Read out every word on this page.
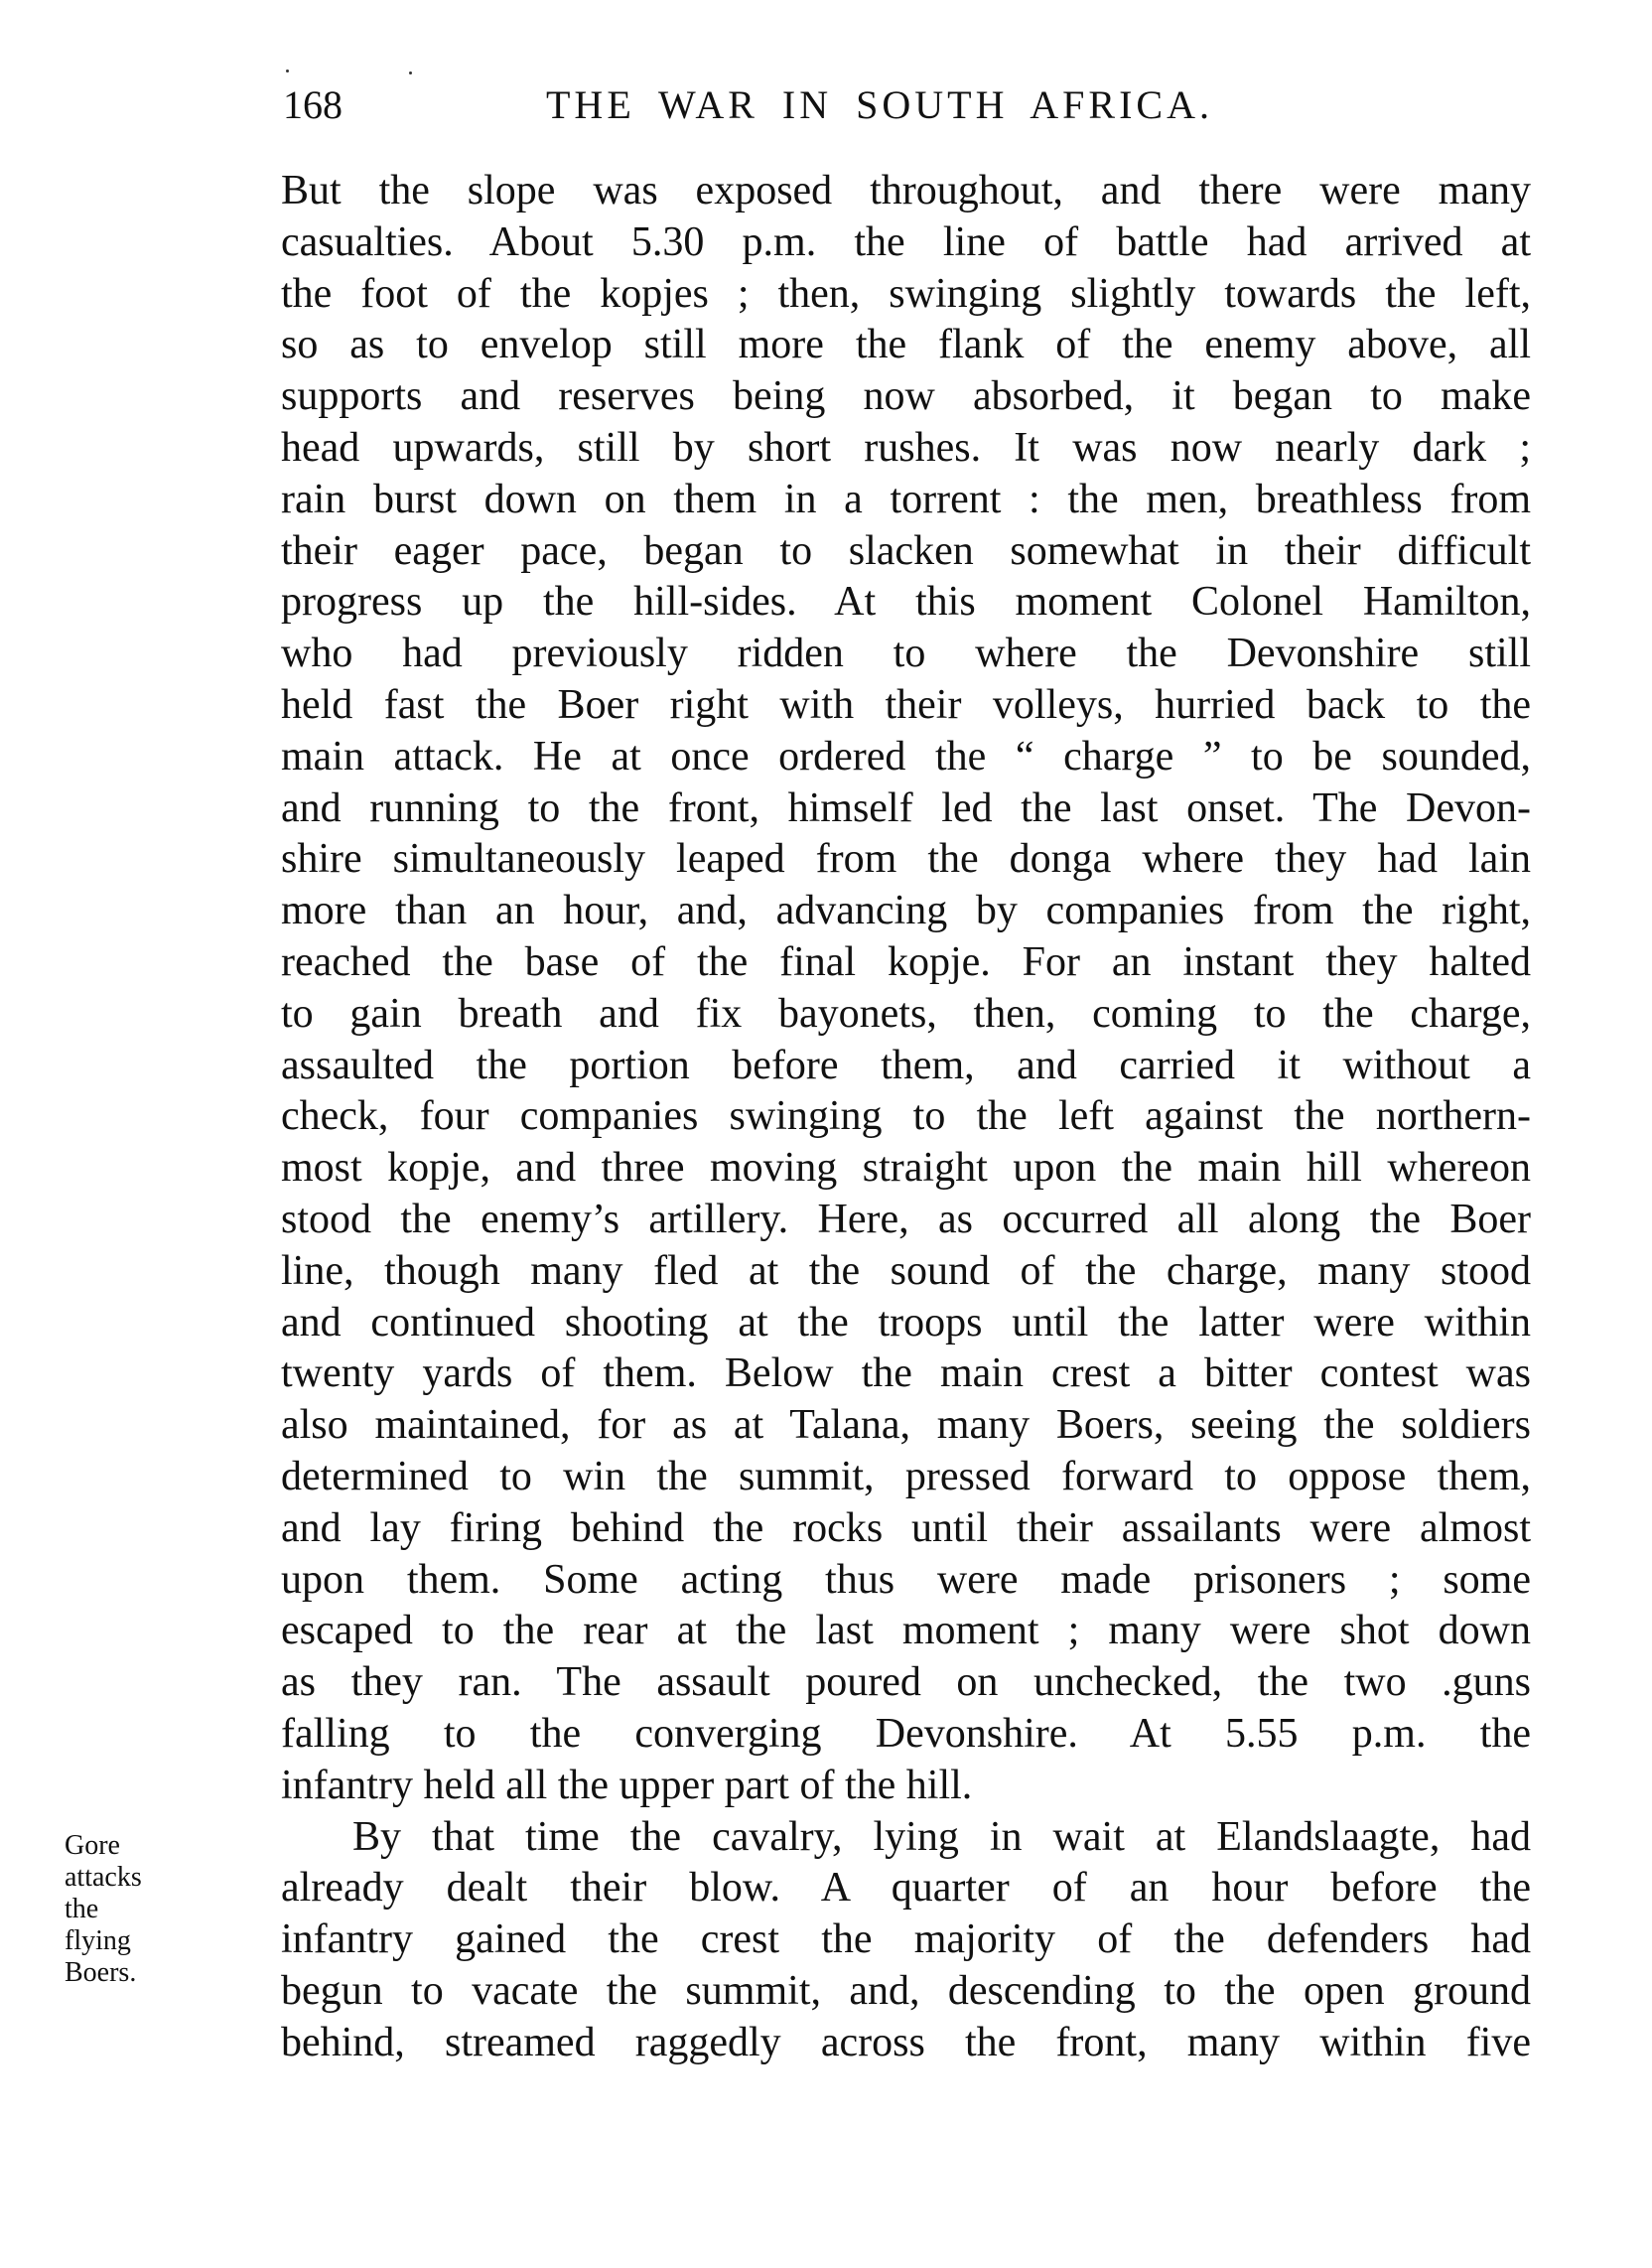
168	THE WAR IN SOUTH AFRICA.
Gore
attacks
the
flying
Boers.
But the slope was exposed throughout, and there were many
casualties. About 5.30 p.m. the line of battle had arrived at
the foot of the kopjes ; then, swinging slightly towards the left,
so as to envelop still more the flank of the enemy above, all
supports and reserves being now absorbed, it began to make
head upwards, still by short rushes. It was now nearly dark ;
rain burst down on them in a torrent : the men, breathless from
their eager pace, began to slacken somewhat in their difficult
progress up the hill-sides. At this moment Colonel Hamilton,
who had previously ridden to where the Devonshire still
held fast the Boer right with their volleys, hurried back to the
main attack. He at once ordered the “ charge ” to be sounded,
and running to the front, himself led the last onset. The Devon-
shire simultaneously leaped from the donga where they had lain
more than an hour, and, advancing by companies from the right,
reached the base of the final kopje. For an instant they halted
to gain breath and fix bayonets, then, coming to the charge,
assaulted the portion before them, and carried it without a
check, four companies swinging to the left against the northern-
most kopje, and three moving straight upon the main hill whereon
stood the enemy’s artillery. Here, as occurred all along the Boer
line, though many fled at the sound of the charge, many stood
and continued shooting at the troops until the latter were within
twenty yards of them. Below the main crest a bitter contest was
also maintained, for as at Talana, many Boers, seeing the soldiers
determined to win the summit, pressed forward to oppose them,
and lay firing behind the rocks until their assailants were almost
upon them. Some acting thus were made prisoners ; some
escaped to the rear at the last moment ; many were shot down
as they ran. The assault poured on unchecked, the two .guns
falling to the converging Devonshire. At 5.55 p.m. the
infantry held all the upper part of the hill.
By that time the cavalry, lying in wait at Elandslaagte, had
already dealt their blow. A quarter of an hour before the
infantry gained the crest the majority of the defenders had
begun to vacate the summit, and, descending to the open ground
behind, streamed raggedly across the front, many within five
